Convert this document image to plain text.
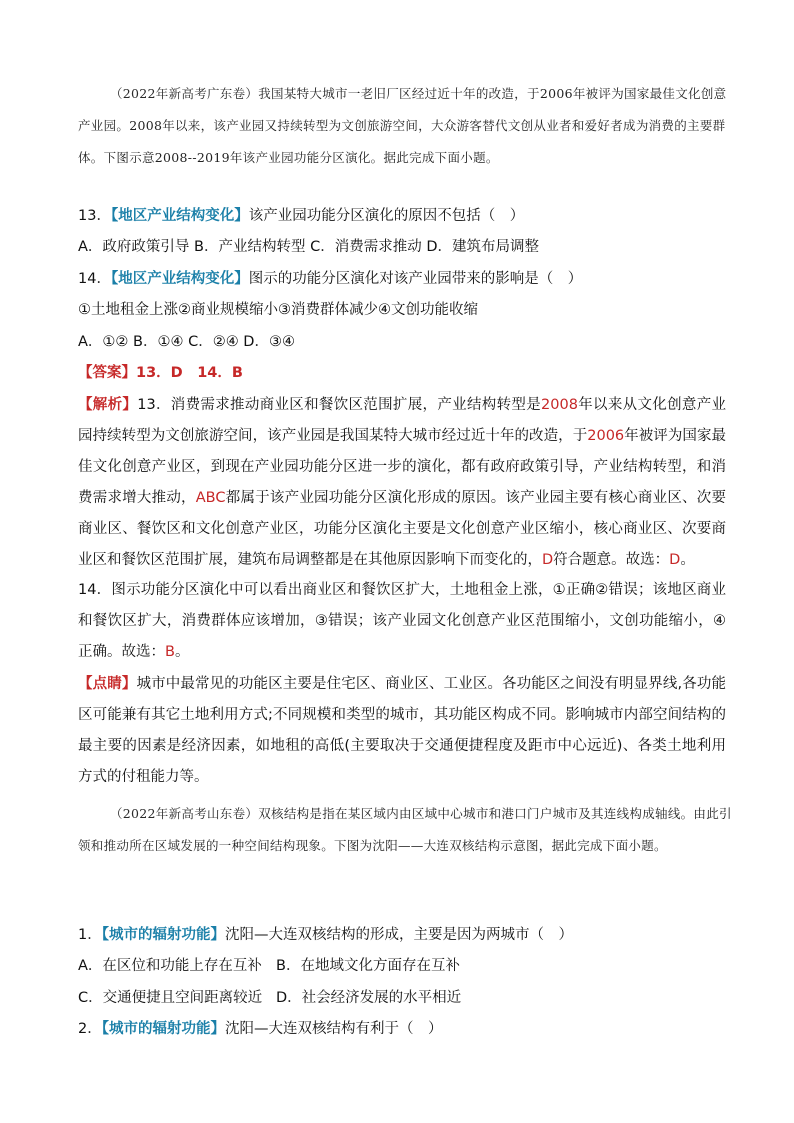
（2022年新高考广东卷）我国某特大城市一老旧厂区经过近十年的改造，于2006年被评为国家最佳文化创意产业园。2008年以来，该产业园又持续转型为文创旅游空间，大众游客替代文创从业者和爱好者成为消费的主要群体。下图示意2008--2019年该产业园功能分区演化。据此完成下面小题。
13．【地区产业结构变化】该产业园功能分区演化的原因不包括（　）
A．政府政策引导 B．产业结构转型 C．消费需求推动 D．建筑布局调整
14．【地区产业结构变化】图示的功能分区演化对该产业园带来的影响是（　）
①土地租金上涨②商业规模缩小③消费群体减少④文创功能收缩
A．①② B．①④ C．②④ D．③④
【答案】13．D　14．B
【解析】13．消费需求推动商业区和餐饮区范围扩展，产业结构转型是2008年以来从文化创意产业园持续转型为文创旅游空间，该产业园是我国某特大城市经过近十年的改造，于2006年被评为国家最佳文化创意产业区，到现在产业园功能分区进一步的演化，都有政府政策引导，产业结构转型，和消费需求增大推动，ABC都属于该产业园功能分区演化形成的原因。该产业园主要有核心商业区、次要商业区、餐饮区和文化创意产业区，功能分区演化主要是文化创意产业区缩小，核心商业区、次要商业区和餐饮区范围扩展，建筑布局调整都是在其他原因影响下而变化的，D符合题意。故选：D。
14．图示功能分区演化中可以看出商业区和餐饮区扩大，土地租金上涨，①正确②错误；该地区商业和餐饮区扩大，消费群体应该增加，③错误；该产业园文化创意产业区范围缩小，文创功能缩小，④正确。故选：B。
【点睛】城市中最常见的功能区主要是住宅区、商业区、工业区。各功能区之间没有明显界线,各功能区可能兼有其它土地利用方式;不同规模和类型的城市，其功能区构成不同。影响城市内部空间结构的最主要的因素是经济因素，如地租的高低(主要取决于交通便捷程度及距市中心远近)、各类土地利用方式的付租能力等。
（2022年新高考山东卷）双核结构是指在某区域内由区域中心城市和港口门户城市及其连线构成轴线。由此引领和推动所在区域发展的一种空间结构现象。下图为沈阳——大连双核结构示意图，据此完成下面小题。
1．【城市的辐射功能】沈阳—大连双核结构的形成，主要是因为两城市（　）
A．在区位和功能上存在互补 B．在地域文化方面存在互补
C．交通便捷且空间距离较近 D．社会经济发展的水平相近
2．【城市的辐射功能】沈阳—大连双核结构有利于（　）
